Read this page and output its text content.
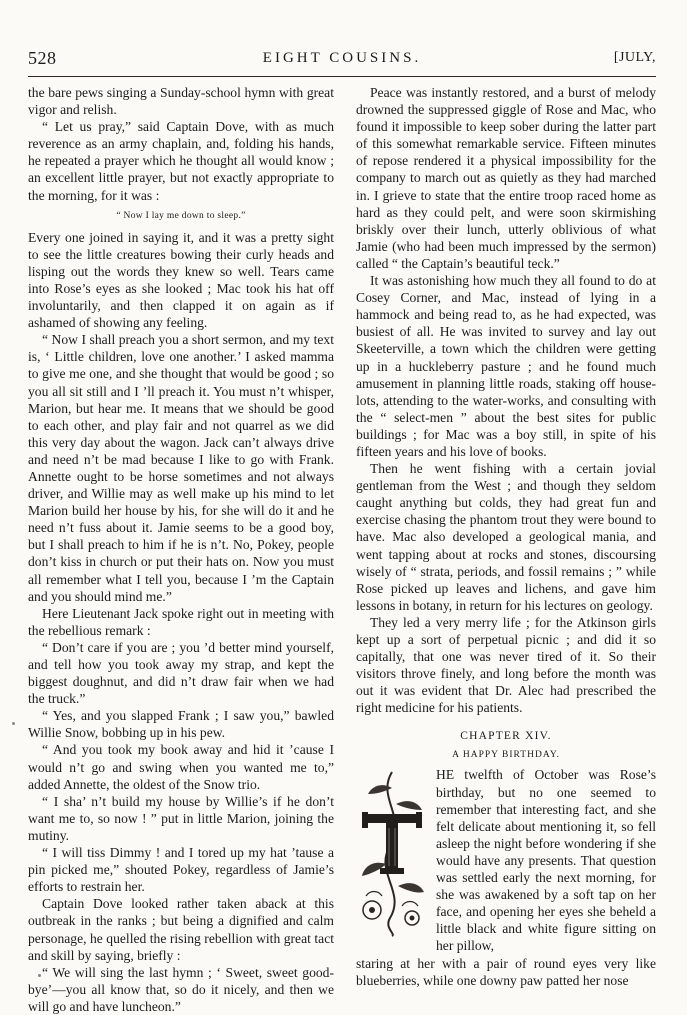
528	EIGHT COUSINS.	[JULY,

the bare pews singing a Sunday-school hymn with great vigor and relish.

“ Let us pray,” said Captain Dove, with as much reverence as an army chaplain, and, folding his hands, he repeated a prayer which he thought all would know ; an excellent little prayer, but not exactly appropriate to the morning, for it was :

“ Now I lay me down to sleep.”

Every one joined in saying it, and it was a pretty sight to see the little creatures bowing their curly heads and lisping out the words they knew so well. Tears came into Rose’s eyes as she looked ; Mac took his hat off involuntarily, and then clapped it on again as if ashamed of showing any feeling.

“ Now I shall preach you a short sermon, and my text is, ‘ Little children, love one another.’ I asked mamma to give me one, and she thought that would be good ; so you all sit still and I ’ll preach it. You must n’t whisper, Marion, but hear me. It means that we should be good to each other, and play fair and not quarrel as we did this very day about the wagon. Jack can’t always drive and need n’t be mad because I like to go with Frank. Annette ought to be horse sometimes and not always driver, and Willie may as well make up his mind to let Marion build her house by his, for she will do it and he need n’t fuss about it. Jamie seems to be a good boy, but I shall preach to him if he is n’t. No, Pokey, people don’t kiss in church or put their hats on. Now you must all remember what I tell you, because I ’m the Captain and you should mind me.”

Here Lieutenant Jack spoke right out in meeting with the rebellious remark :

“ Don’t care if you are ; you ’d better mind yourself, and tell how you took away my strap, and kept the biggest doughnut, and did n’t draw fair when we had the truck.”

“ Yes, and you slapped Frank ; I saw you,” bawled Willie Snow, bobbing up in his pew.

“ And you took my book away and hid it ’cause I would n’t go and swing when you wanted me to,” added Annette, the oldest of the Snow trio.

“ I sha’ n’t build my house by Willie’s if he don’t want me to, so now ! ” put in little Marion, joining the mutiny.

“ I will tiss Dimmy ! and I tored up my hat ’tause a pin picked me,” shouted Pokey, regardless of Jamie’s efforts to restrain her.

Captain Dove looked rather taken aback at this outbreak in the ranks ; but being a dignified and calm personage, he quelled the rising rebellion with great tact and skill by saying, briefly :

“ We will sing the last hymn ; ‘ Sweet, sweet good-bye’—you all know that, so do it nicely, and then we will go and have luncheon.”

Peace was instantly restored, and a burst of melody drowned the suppressed giggle of Rose and Mac, who found it impossible to keep sober during the latter part of this somewhat remarkable service. Fifteen minutes of repose rendered it a physical impossibility for the company to march out as quietly as they had marched in. I grieve to state that the entire troop raced home as hard as they could pelt, and were soon skirmishing briskly over their lunch, utterly oblivious of what Jamie (who had been much impressed by the sermon) called “ the Captain’s beautiful teck.”

It was astonishing how much they all found to do at Cosey Corner, and Mac, instead of lying in a hammock and being read to, as he had expected, was busiest of all. He was invited to survey and lay out Skeeterville, a town which the children were getting up in a huckleberry pasture ; and he found much amusement in planning little roads, staking off house-lots, attending to the water-works, and consulting with the “ select-men ” about the best sites for public buildings ; for Mac was a boy still, in spite of his fifteen years and his love of books.

Then he went fishing with a certain jovial gentleman from the West ; and though they seldom caught anything but colds, they had great fun and exercise chasing the phantom trout they were bound to have. Mac also developed a geological mania, and went tapping about at rocks and stones, discoursing wisely of “ strata, periods, and fossil remains ; ” while Rose picked up leaves and lichens, and gave him lessons in botany, in return for his lectures on geology.

They led a very merry life ; for the Atkinson girls kept up a sort of perpetual picnic ; and did it so capitally, that one was never tired of it. So their visitors throve finely, and long before the month was out it was evident that Dr. Alec had prescribed the right medicine for his patients.

CHAPTER XIV.
A HAPPY BIRTHDAY.

HE twelfth of October was Rose’s birthday, but no one seemed to remember that interesting fact, and she felt delicate about mentioning it, so fell asleep the night before wondering if she would have any presents. That question was settled early the next morning, for she was awakened by a soft tap on her face, and opening her eyes she beheld a little black and white figure sitting on her pillow,

staring at her with a pair of round eyes very like blueberries, while one downy paw patted her nose
